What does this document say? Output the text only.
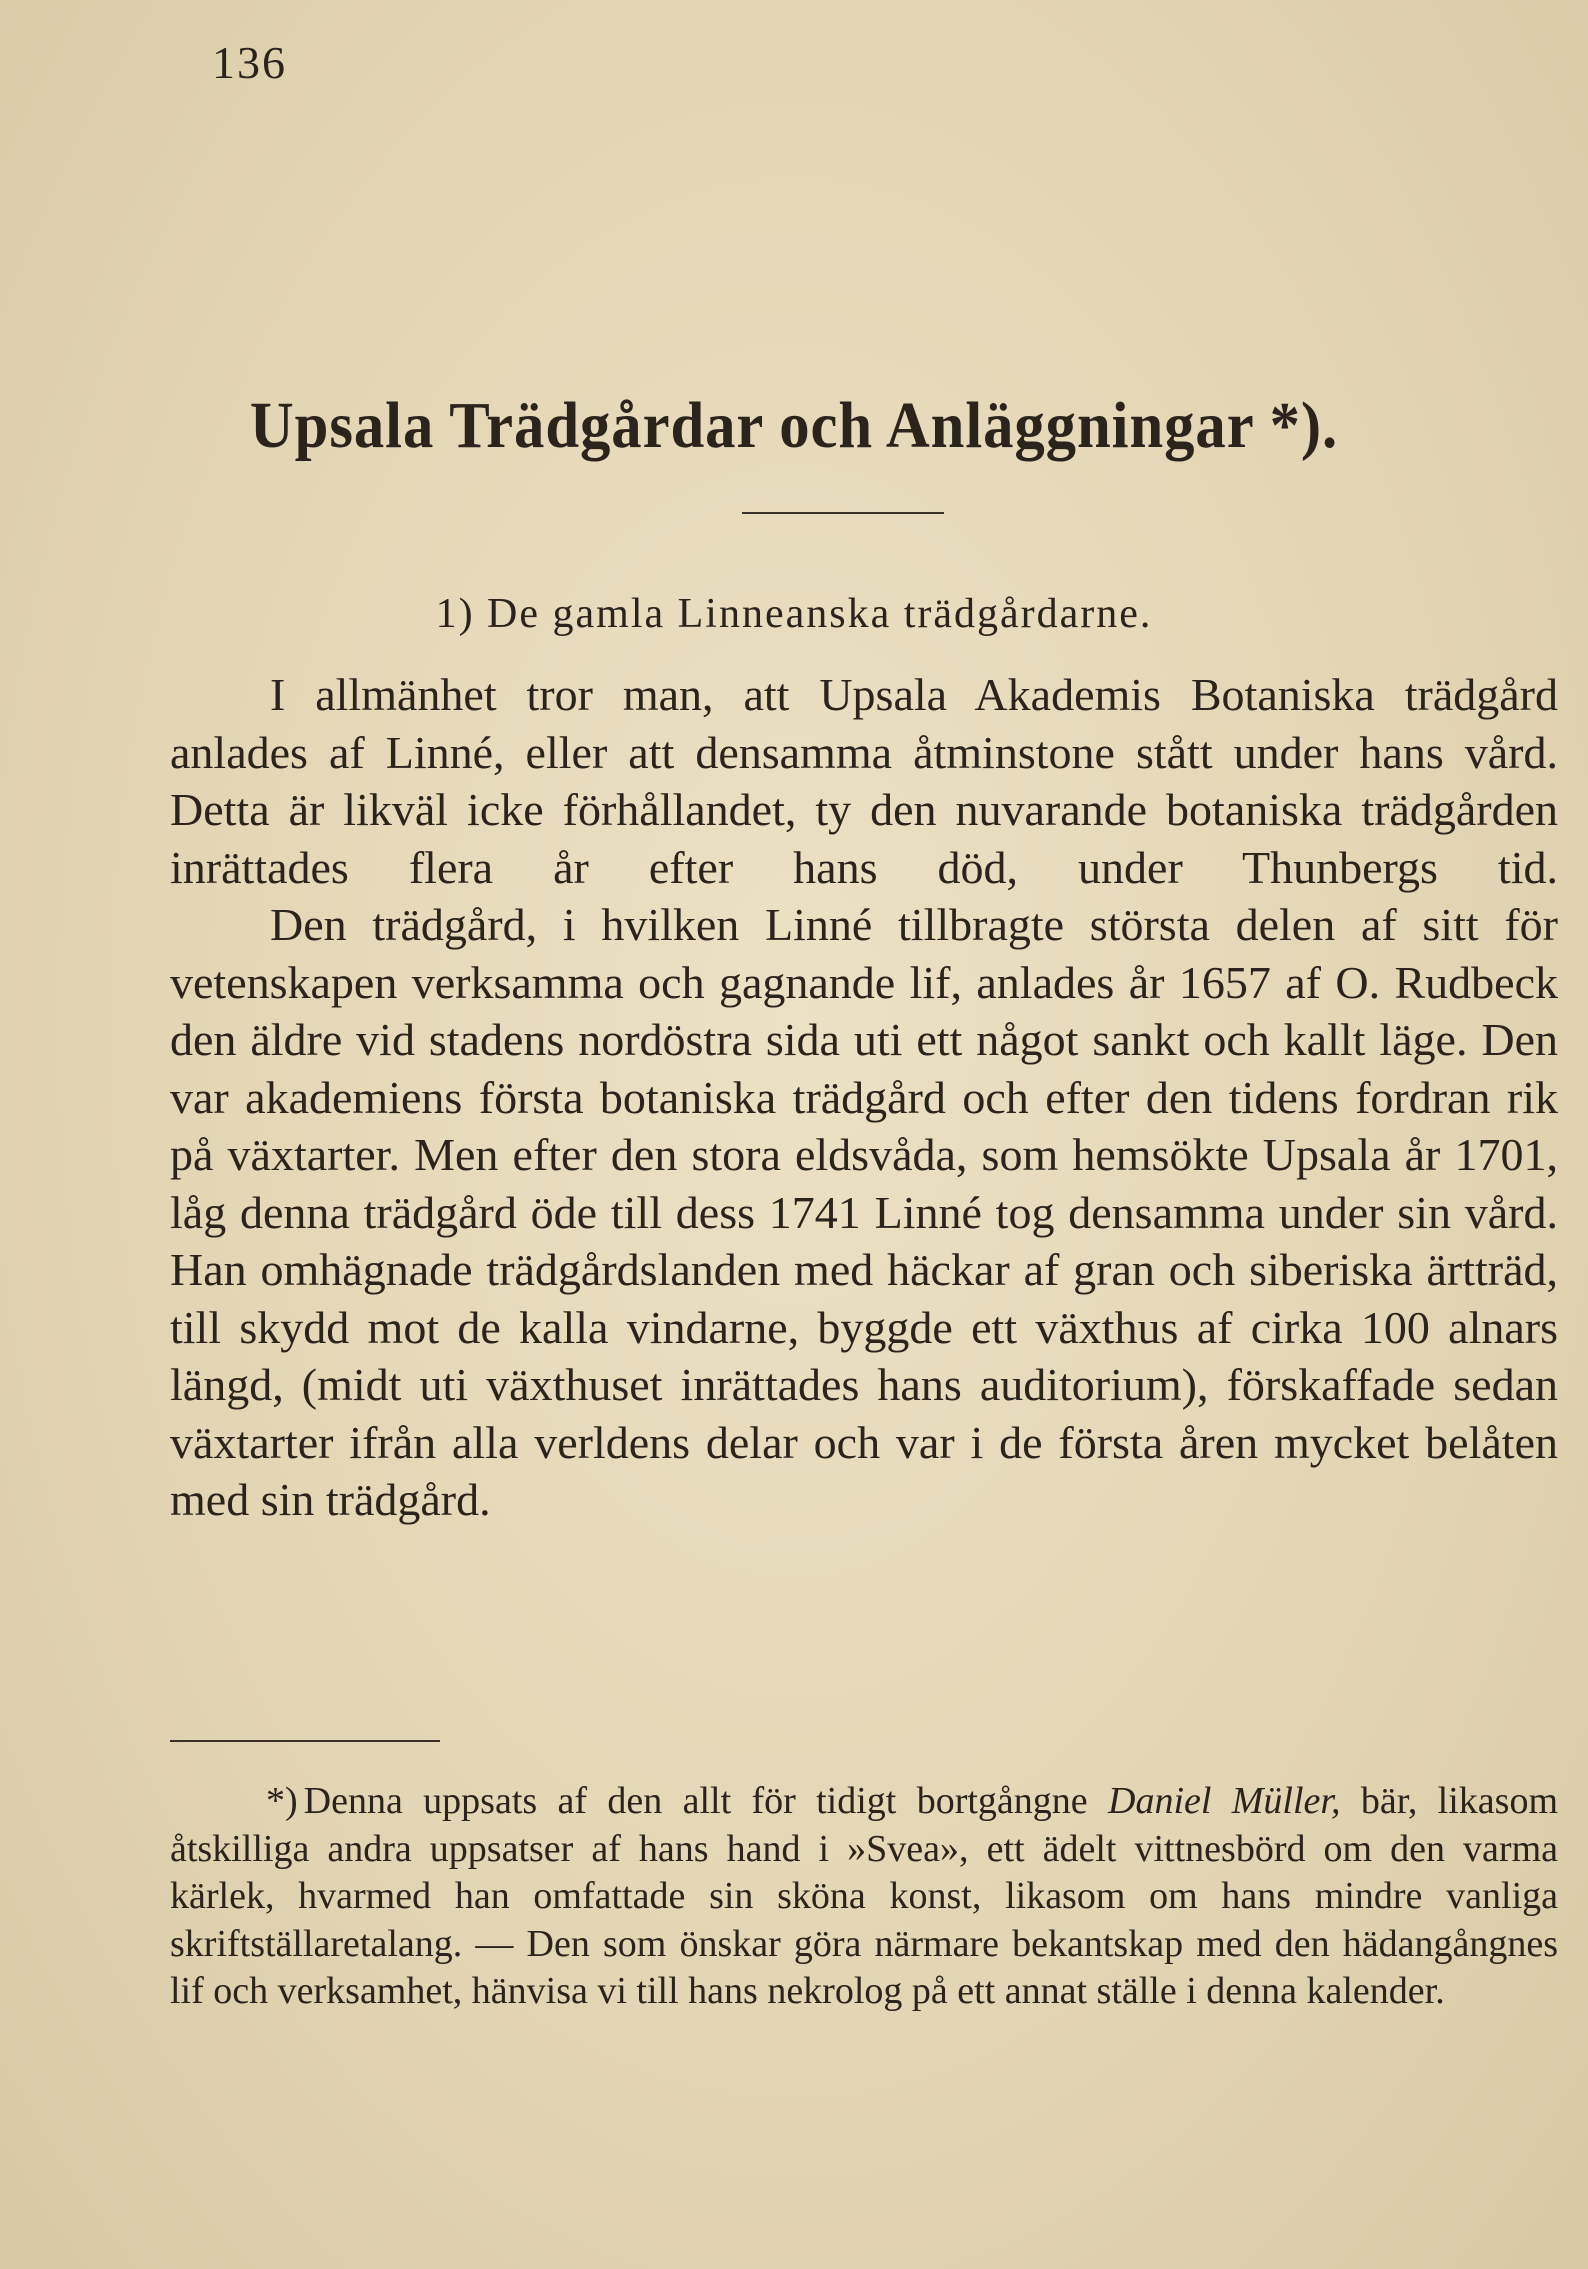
136
Upsala Trädgårdar och Anläggningar *).
1) De gamla Linneanska trädgårdarne.

I allmänhet tror man, att Upsala Akademis Botaniska trädgård anlades af Linné, eller att densamma åtminstone stått under hans vård. Detta är likväl icke förhållandet, ty den nuvarande botaniska trädgården inrättades flera år efter hans död, under Thunbergs tid.

Den trädgård, i hvilken Linné tillbragte största delen af sitt för vetenskapen verksamma och gagnande lif, anlades år 1657 af O. Rudbeck den äldre vid stadens nordöstra sida uti ett något sankt och kallt läge. Den var akademiens första botaniska trädgård och efter den tidens fordran rik på växtarter. Men efter den stora eldsvåda, som hemsökte Upsala år 1701, låg denna trädgård öde till dess 1741 Linné tog densamma under sin vård. Han omhägnade trädgårdslanden med häckar af gran och siberiska ärtträd, till skydd mot de kalla vindarne, byggde ett växthus af cirka 100 alnars längd, (midt uti växthuset inrättades hans auditorium), förskaffade sedan växtarter ifrån alla verldens delar och var i de första åren mycket belåten med sin trädgård.

*) Denna uppsats af den allt för tidigt bortgångne Daniel Müller, bär, likasom åtskilliga andra uppsatser af hans hand i »Svea», ett ädelt vittnesbörd om den varma kärlek, hvarmed han omfattade sin sköna konst, likasom om hans mindre vanliga skriftställaretalang. — Den som önskar göra närmare bekantskap med den hädangångnes lif och verksamhet, hänvisa vi till hans nekrolog på ett annat ställe i denna kalender.
